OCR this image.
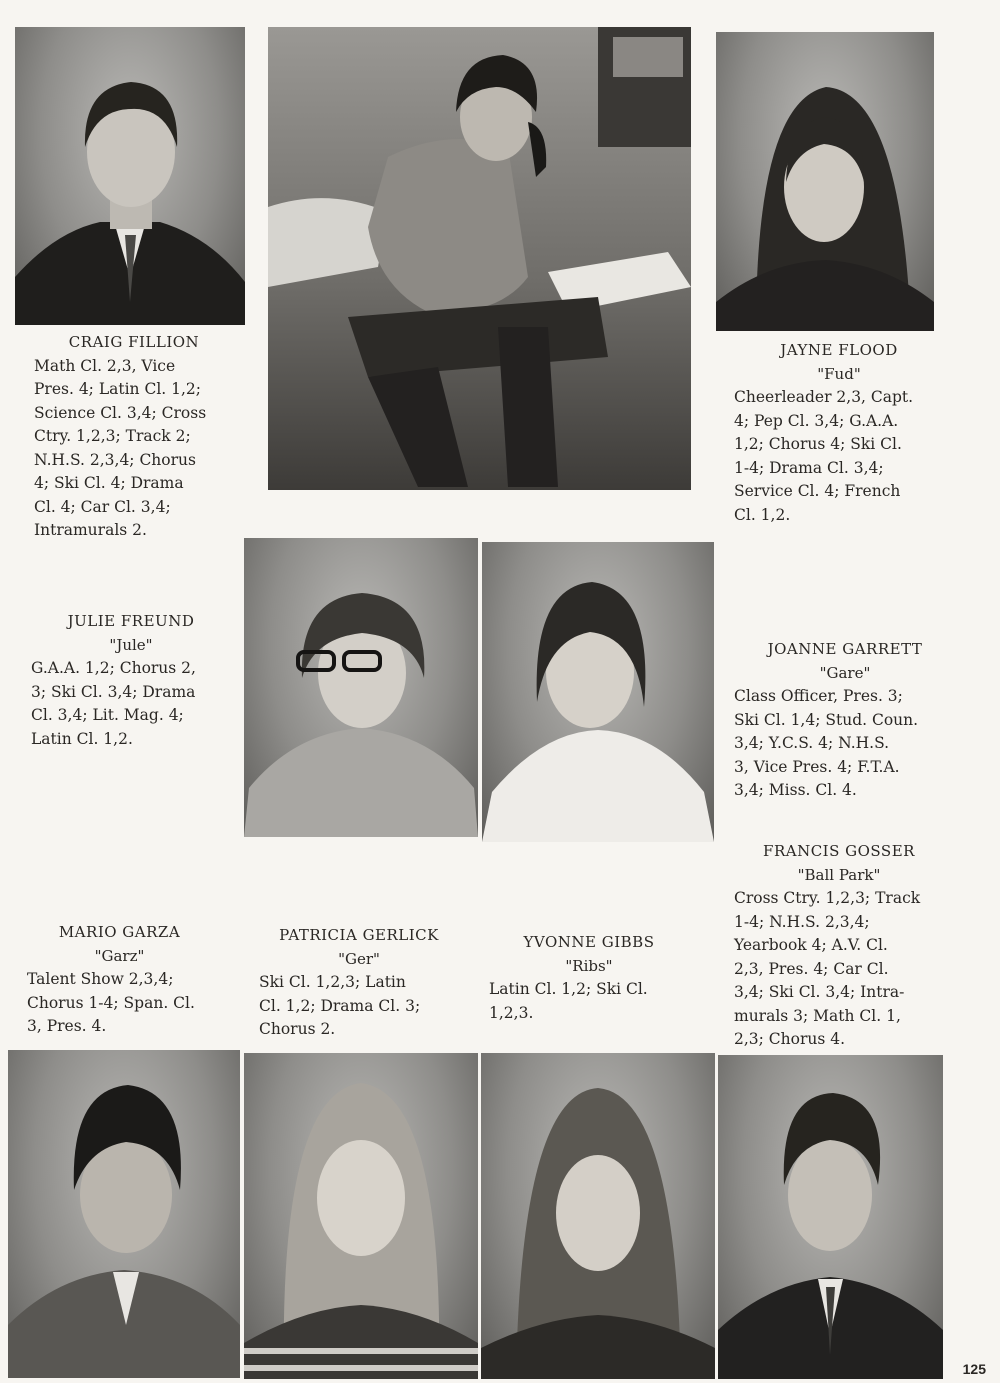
CRAIG FILLION
Math Cl. 2,3, Vice
Pres. 4; Latin Cl. 1,2;
Science Cl. 3,4; Cross
Ctry. 1,2,3; Track 2;
N.H.S. 2,3,4; Chorus
4; Ski Cl. 4; Drama
Cl. 4; Car Cl. 3,4;
Intramurals 2.
JAYNE FLOOD
"Fud"
Cheerleader 2,3, Capt.
4; Pep Cl. 3,4; G.A.A.
1,2; Chorus 4; Ski Cl.
1-4; Drama Cl. 3,4;
Service Cl. 4; French
Cl. 1,2.
JULIE FREUND
"Jule"
G.A.A. 1,2; Chorus 2,
3; Ski Cl. 3,4; Drama
Cl. 3,4; Lit. Mag. 4;
Latin Cl. 1,2.
JOANNE GARRETT
"Gare"
Class Officer, Pres. 3;
Ski Cl. 1,4; Stud. Coun.
3,4; Y.C.S. 4; N.H.S.
3, Vice Pres. 4; F.T.A.
3,4; Miss. Cl. 4.
FRANCIS GOSSER
"Ball Park"
Cross Ctry. 1,2,3; Track
1-4; N.H.S. 2,3,4;
Yearbook 4; A.V. Cl.
2,3, Pres. 4; Car Cl.
3,4; Ski Cl. 3,4; Intra-
murals 3; Math Cl. 1,
2,3; Chorus 4.
MARIO GARZA
"Garz"
Talent Show 2,3,4;
Chorus 1-4; Span. Cl.
3, Pres. 4.
PATRICIA GERLICK
"Ger"
Ski Cl. 1,2,3; Latin
Cl. 1,2; Drama Cl. 3;
Chorus 2.
YVONNE GIBBS
"Ribs"
Latin Cl. 1,2; Ski Cl.
1,2,3.
125
